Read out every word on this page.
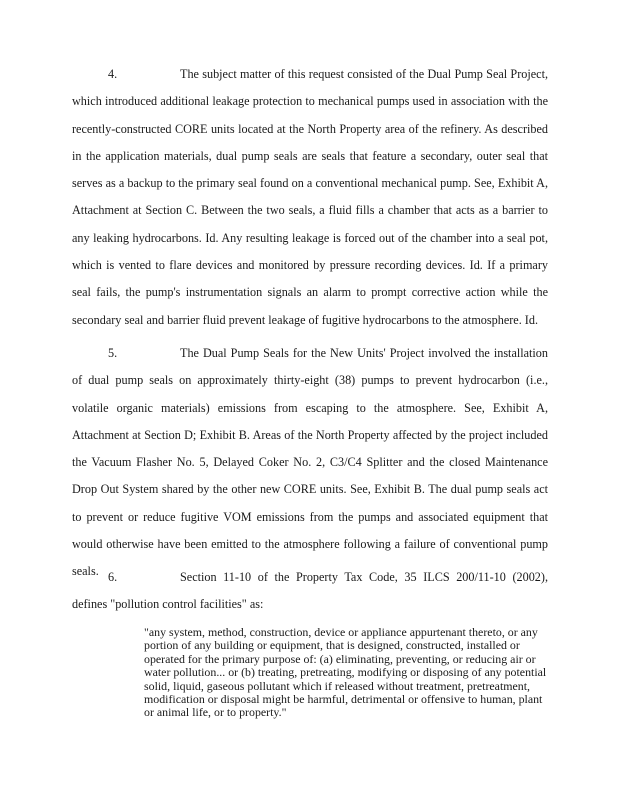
4.	The subject matter of this request consisted of the Dual Pump Seal Project, which introduced additional leakage protection to mechanical pumps used in association with the recently-constructed CORE units located at the North Property area of the refinery. As described in the application materials, dual pump seals are seals that feature a secondary, outer seal that serves as a backup to the primary seal found on a conventional mechanical pump. See, Exhibit A, Attachment at Section C. Between the two seals, a fluid fills a chamber that acts as a barrier to any leaking hydrocarbons. Id. Any resulting leakage is forced out of the chamber into a seal pot, which is vented to flare devices and monitored by pressure recording devices. Id. If a primary seal fails, the pump's instrumentation signals an alarm to prompt corrective action while the secondary seal and barrier fluid prevent leakage of fugitive hydrocarbons to the atmosphere. Id.

5.	The Dual Pump Seals for the New Units' Project involved the installation of dual pump seals on approximately thirty-eight (38) pumps to prevent hydrocarbon (i.e., volatile organic materials) emissions from escaping to the atmosphere. See, Exhibit A, Attachment at Section D; Exhibit B. Areas of the North Property affected by the project included the Vacuum Flasher No. 5, Delayed Coker No. 2, C3/C4 Splitter and the closed Maintenance Drop Out System shared by the other new CORE units. See, Exhibit B. The dual pump seals act to prevent or reduce fugitive VOM emissions from the pumps and associated equipment that would otherwise have been emitted to the atmosphere following a failure of conventional pump seals. 6.	Section 11-10 of the Property Tax Code, 35 ILCS 200/11-10 (2002), defines "pollution control facilities" as:

"any system, method, construction, device or appliance appurtenant thereto, or any portion of any building or equipment, that is designed, constructed, installed or operated for the primary purpose of: (a) eliminating, preventing, or reducing air or water pollution... or (b) treating, pretreating, modifying or disposing of any potential solid, liquid, gaseous pollutant which if released without treatment, pretreatment, modification or disposal might be harmful, detrimental or offensive to human, plant or animal life, or to property."
